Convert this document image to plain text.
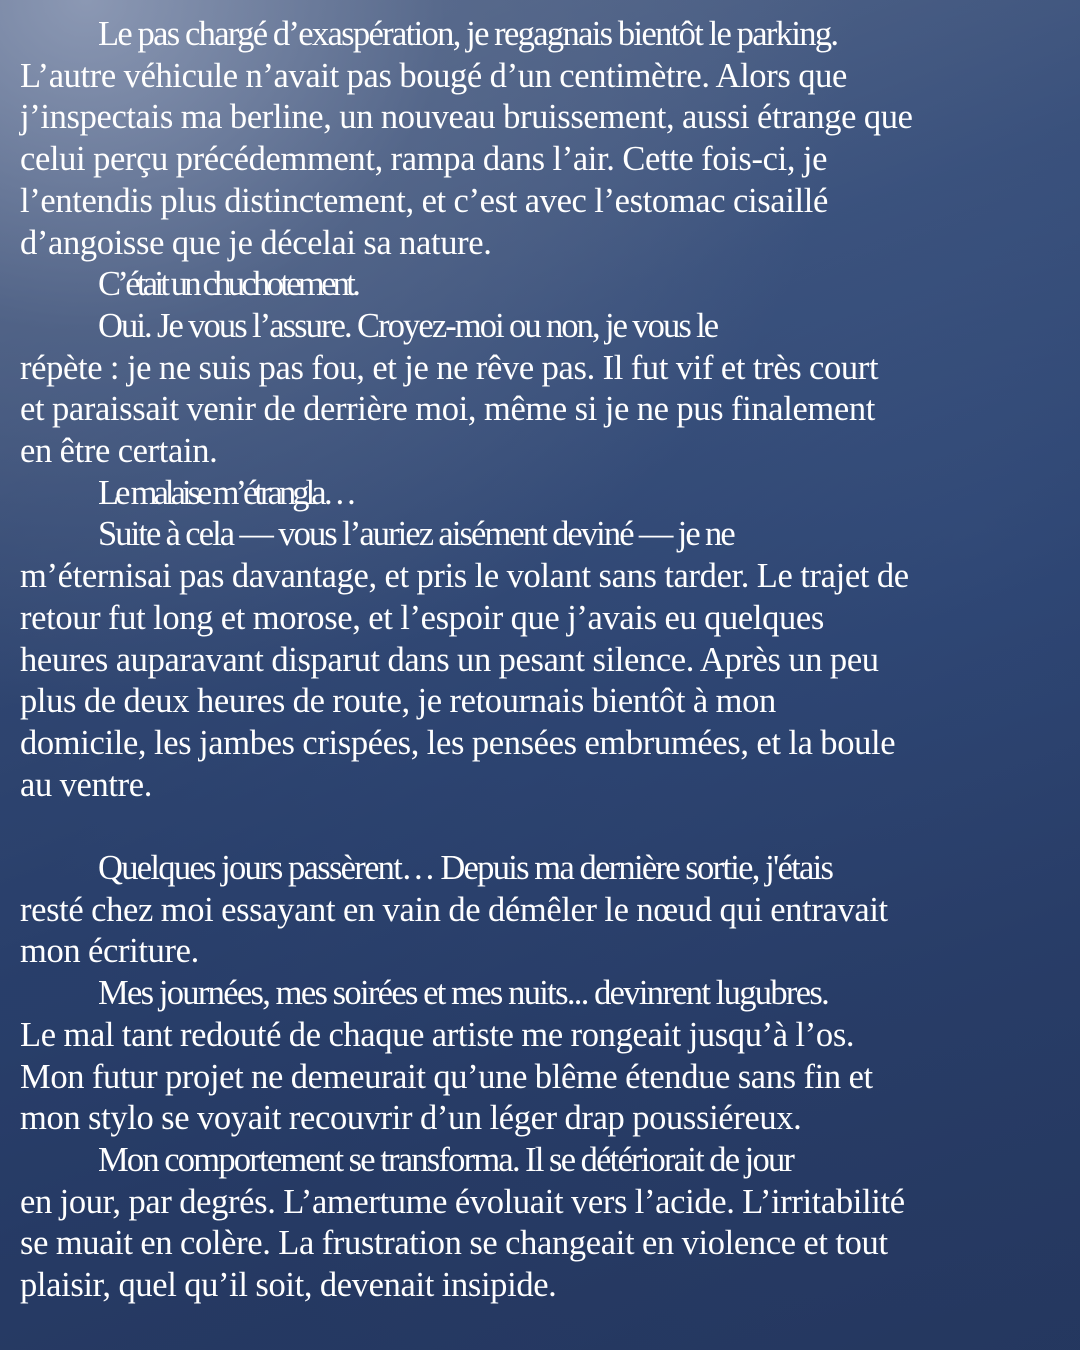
Le pas chargé d’exaspération, je regagnais bientôt le parking.
L’autre véhicule n’avait pas bougé d’un centimètre. Alors que
j’inspectais ma berline, un nouveau bruissement, aussi étrange que
celui perçu précédemment, rampa dans l’air. Cette fois-ci, je
l’entendis plus distinctement, et c’est avec l’estomac cisaillé
d’angoisse que je décelai sa nature.
C’était un chuchotement.
Oui. Je vous l’assure. Croyez-moi ou non, je vous le
répète : je ne suis pas fou, et je ne rêve pas. Il fut vif et très court
et paraissait venir de derrière moi, même si je ne pus finalement
en être certain.
Le malaise m’étrangla…
Suite à cela — vous l’auriez aisément deviné — je ne
m’éternisai pas davantage, et pris le volant sans tarder. Le trajet de
retour fut long et morose, et l’espoir que j’avais eu quelques
heures auparavant disparut dans un pesant silence. Après un peu
plus de deux heures de route, je retournais bientôt à mon
domicile, les jambes crispées, les pensées embrumées, et la boule
au ventre.
Quelques jours passèrent… Depuis ma dernière sortie, j'étais
resté chez moi essayant en vain de démêler le nœud qui entravait
mon écriture.
Mes journées, mes soirées et mes nuits... devinrent lugubres.
Le mal tant redouté de chaque artiste me rongeait jusqu’à l’os.
Mon futur projet ne demeurait qu’une blême étendue sans fin et
mon stylo se voyait recouvrir d’un léger drap poussiéreux.
Mon comportement se transforma. Il se détériorait de jour
en jour, par degrés. L’amertume évoluait vers l’acide. L’irritabilité
se muait en colère. La frustration se changeait en violence et tout
plaisir, quel qu’il soit, devenait insipide.
